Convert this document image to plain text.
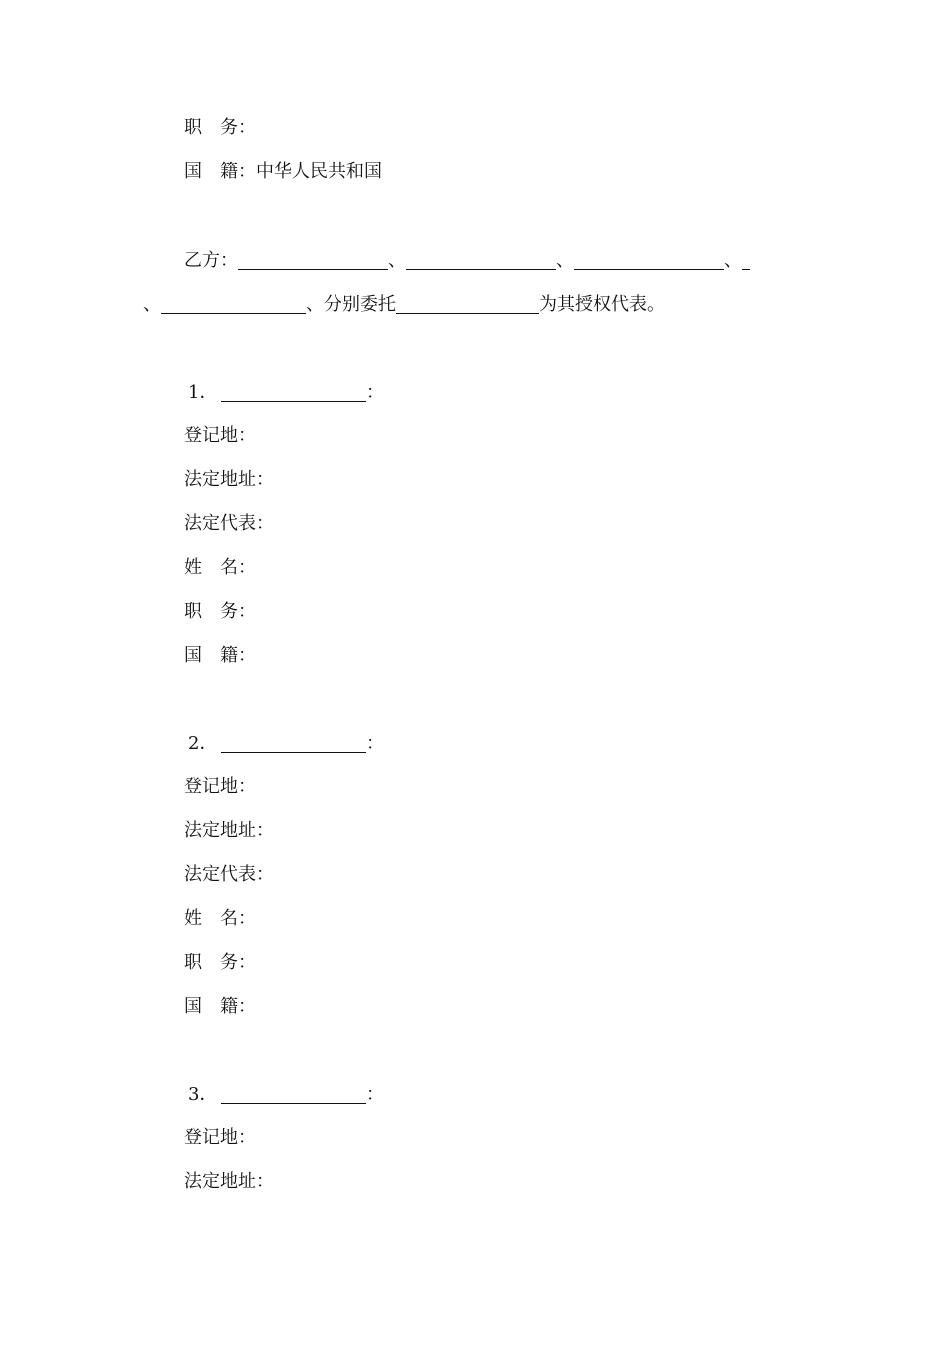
职　务：
国　籍：中华人民共和国
乙方：	、	、	、
、	、分别委托	为其授权代表。
1．	：
登记地：
法定地址：
法定代表：
姓　名：
职　务：
国　籍：
2．	：
登记地：
法定地址：
法定代表：
姓　名：
职　务：
国　籍：
3．	：
登记地：
法定地址：
